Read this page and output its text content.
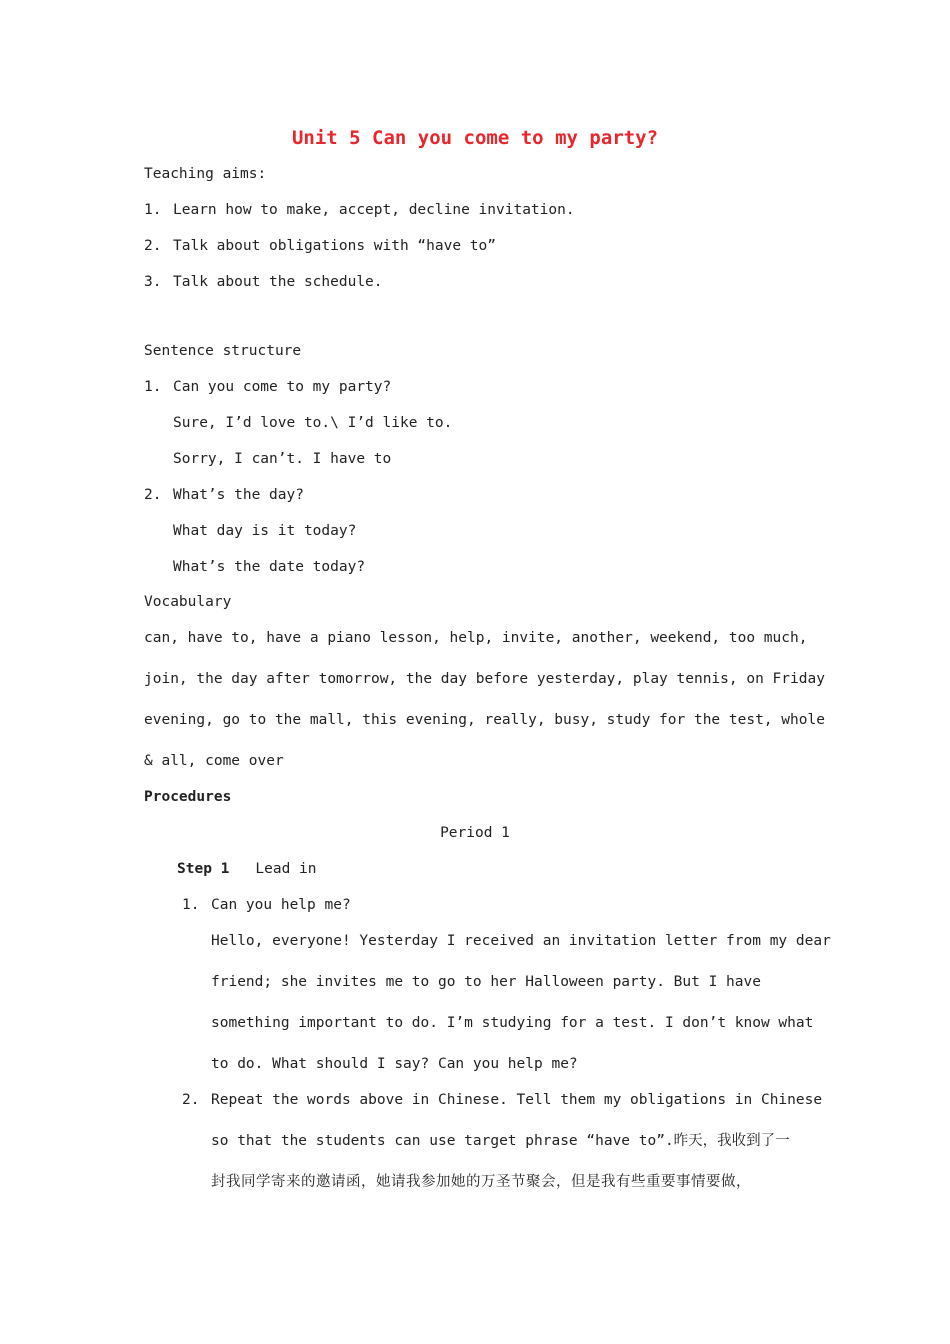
Unit 5 Can you come to my party?
Teaching aims:
1. Learn how to make, accept, decline invitation.
2. Talk about obligations with “have to”
3. Talk about the schedule.
Sentence structure
1. Can you come to my party?
Sure, I’d love to.\ I’d like to.
Sorry, I can’t. I have to
2. What’s the day?
What day is it today?
What’s the date today?
Vocabulary
can, have to, have a piano lesson, help, invite, another, weekend, too much,
join, the day after tomorrow, the day before yesterday, play tennis, on Friday
evening, go to the mall, this evening, really, busy, study for the test, whole
& all, come over
Procedures
Period 1
Step 1 Lead in
1. Can you help me?
Hello, everyone! Yesterday I received an invitation letter from my dear
friend; she invites me to go to her Halloween party. But I have
something important to do. I’m studying for a test. I don’t know what
to do. What should I say? Can you help me?
2. Repeat the words above in Chinese. Tell them my obligations in Chinese
so that the students can use target phrase “have to”.昨天，我收到了一
封我同学寄来的邀请函，她请我参加她的万圣节聚会，但是我有些重要事情要做，
